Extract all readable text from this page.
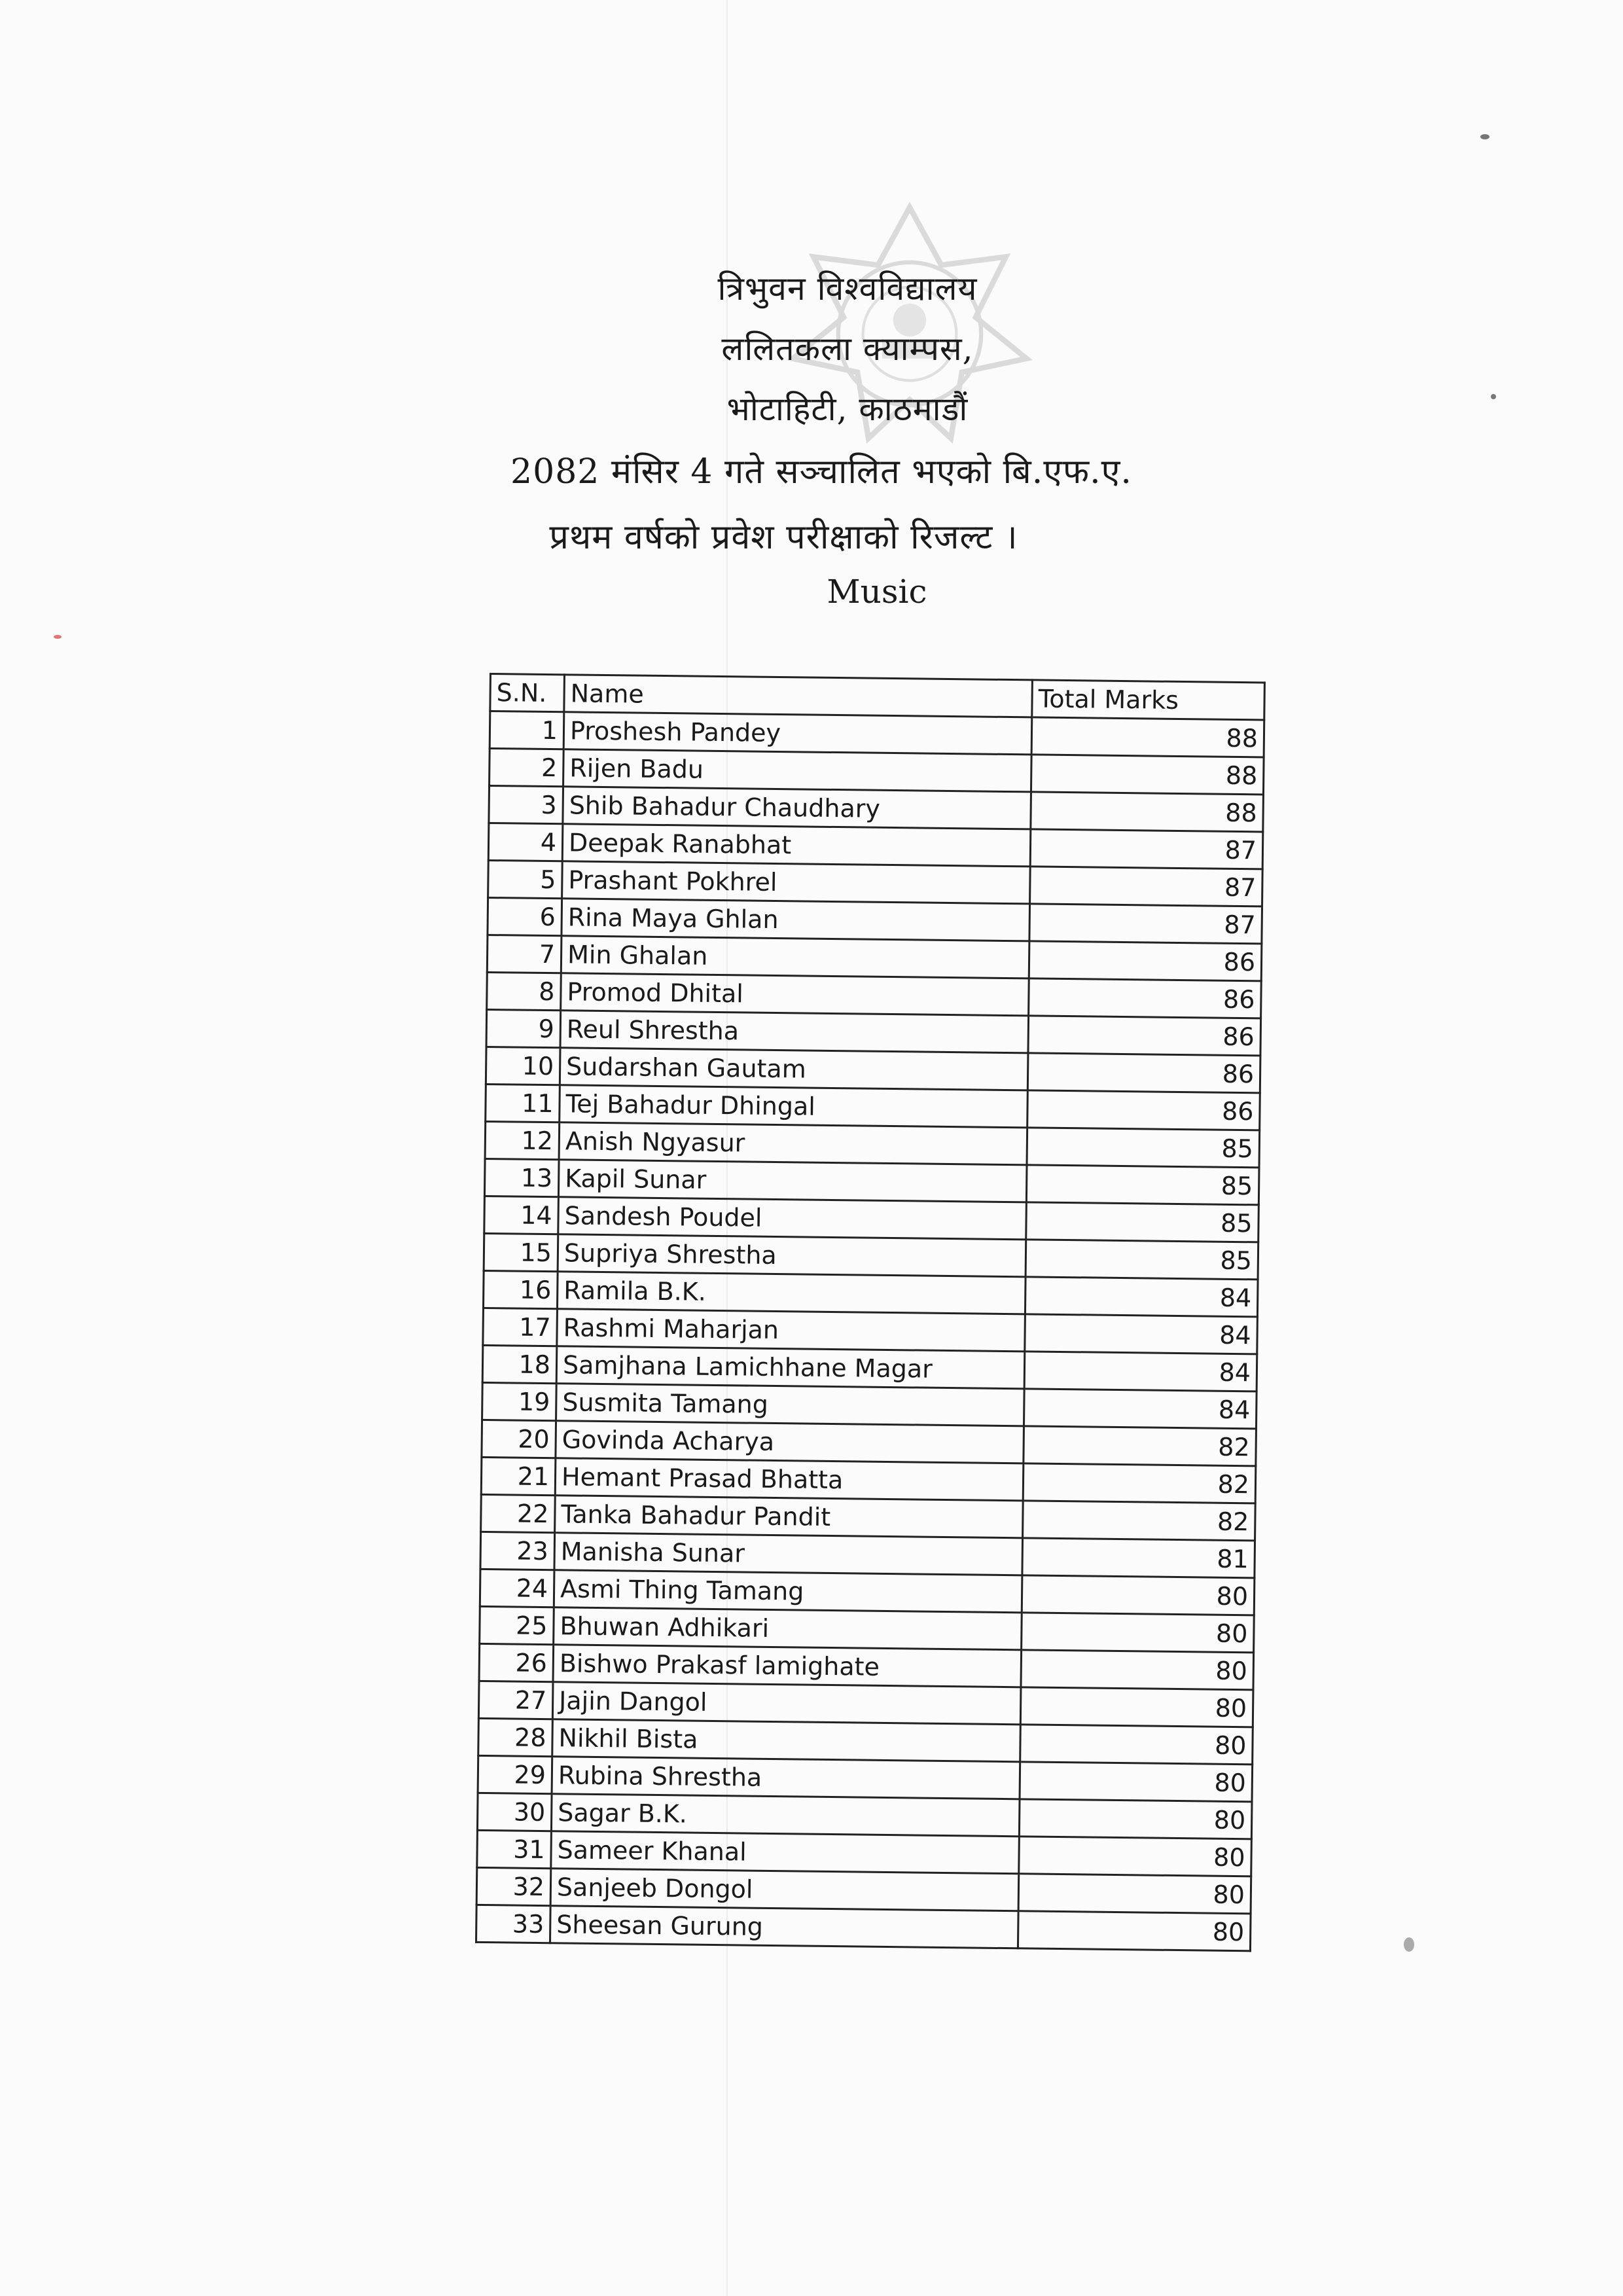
त्रिभुवन विश्वविद्यालय
ललितकला क्याम्पस,
भोटाहिटी, काठमाडौं
2082 मंसिर 4 गते सञ्चालित भएको बि.एफ.ए.
प्रथम वर्षको प्रवेश परीक्षाको रिजल्ट ।
Music
S.N.	Name	Total Marks
1	Proshesh Pandey	88
2	Rijen Badu	88
3	Shib Bahadur Chaudhary	88
4	Deepak Ranabhat	87
5	Prashant Pokhrel	87
6	Rina Maya Ghlan	87
7	Min Ghalan	86
8	Promod Dhital	86
9	Reul Shrestha	86
10	Sudarshan Gautam	86
11	Tej Bahadur Dhingal	86
12	Anish Ngyasur	85
13	Kapil Sunar	85
14	Sandesh Poudel	85
15	Supriya Shrestha	85
16	Ramila B.K.	84
17	Rashmi Maharjan	84
18	Samjhana Lamichhane Magar	84
19	Susmita Tamang	84
20	Govinda Acharya	82
21	Hemant Prasad Bhatta	82
22	Tanka Bahadur Pandit	82
23	Manisha Sunar	81
24	Asmi Thing Tamang	80
25	Bhuwan Adhikari	80
26	Bishwo Prakasf lamighate	80
27	Jajin Dangol	80
28	Nikhil Bista	80
29	Rubina Shrestha	80
30	Sagar B.K.	80
31	Sameer Khanal	80
32	Sanjeeb Dongol	80
33	Sheesan Gurung	80
